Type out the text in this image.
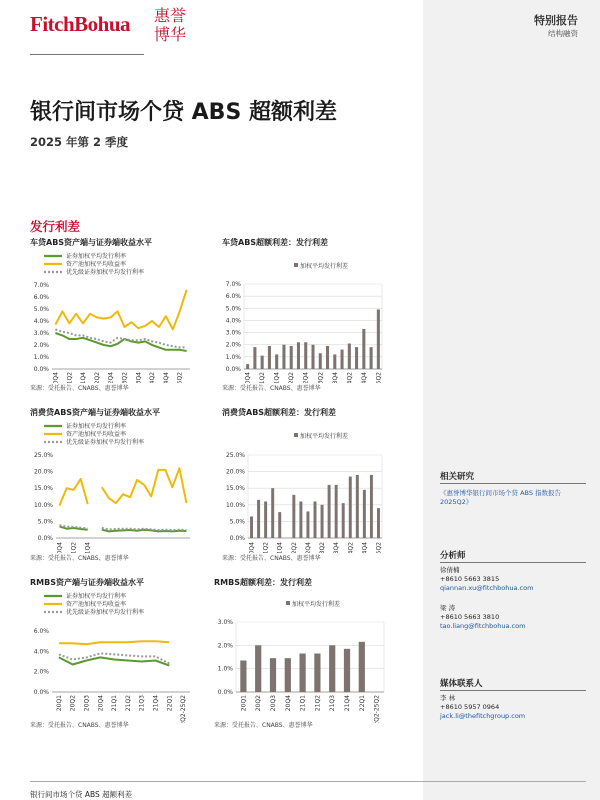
FitchBohua	惠誉
博华
特别报告
结构融资
银行间市场个贷 ABS 超额利差
2025 年第 2 季度
发行利差
车贷ABS资产端与证券端收益水平
0.0%
1.0%
2.0%
3.0%
4.0%
5.0%
6.0%
7.0%
20Q4 21Q2 21Q4 22Q2 22Q4 23Q2 23Q4 24Q2 24Q4 25Q2
证券加权平均发行利率
资产池加权平均收益率
优先级证券加权平均发行利率
来源：受托报告、CNABS、惠誉博华
车贷ABS超额利差：发行利差
0.0%
1.0%
2.0%
3.0%
4.0%
5.0%
6.0%
7.0%
20Q4 21Q2 21Q4 22Q2 22Q4 23Q2 23Q4 24Q2 24Q4 25Q2
加权平均发行利差
来源：受托报告、CNABS、惠誉博华
消费贷ABS资产端与证券端收益水平
0.0%
5.0%
10.0%
15.0%
20.0%
25.0%
20Q4 21Q2 21Q4
证券加权平均发行利率
资产池加权平均收益率
优先级证券加权平均发行利率
来源：受托报告、CNABS、惠誉博华
消费贷ABS超额利差：发行利差
0.0%
5.0%
10.0%
15.0%
20.0%
25.0%
20Q4 21Q2 21Q4 22Q2 22Q4 23Q2 23Q4 24Q2 24Q4 25Q2
加权平均发行利差
来源：受托报告、CNABS、惠誉博华
RMBS资产端与证券端收益水平
0.0%
2.0%
4.0%
6.0%
20Q1 20Q2 20Q3 20Q4 21Q1 21Q2 21Q3 21Q4 22Q1 22Q2-25Q2
证券加权平均发行利率
资产池加权平均收益率
优先级证券加权平均发行利率
来源：受托报告、CNABS、惠誉博华
RMBS超额利差：发行利差
0.0%
1.0%
2.0%
3.0%
20Q1 20Q2 20Q3 20Q4 21Q1 21Q2 21Q3 21Q4 22Q1 22Q2-25Q2
加权平均发行利差
来源：受托报告、CNABS、惠誉博华
相关研究
《惠誉博华银行间市场个贷 ABS 指数报告 2025Q2》
分析师
徐倩楠
+8610 5663 3815
qiannan.xu@fitchbohua.com
梁 涛
+8610 5663 3810
tao.liang@fitchbohua.com
媒体联系人
李 林
+8610 5957 0964
jack.li@thefitchgroup.com
银行间市场个贷 ABS 超额利差
